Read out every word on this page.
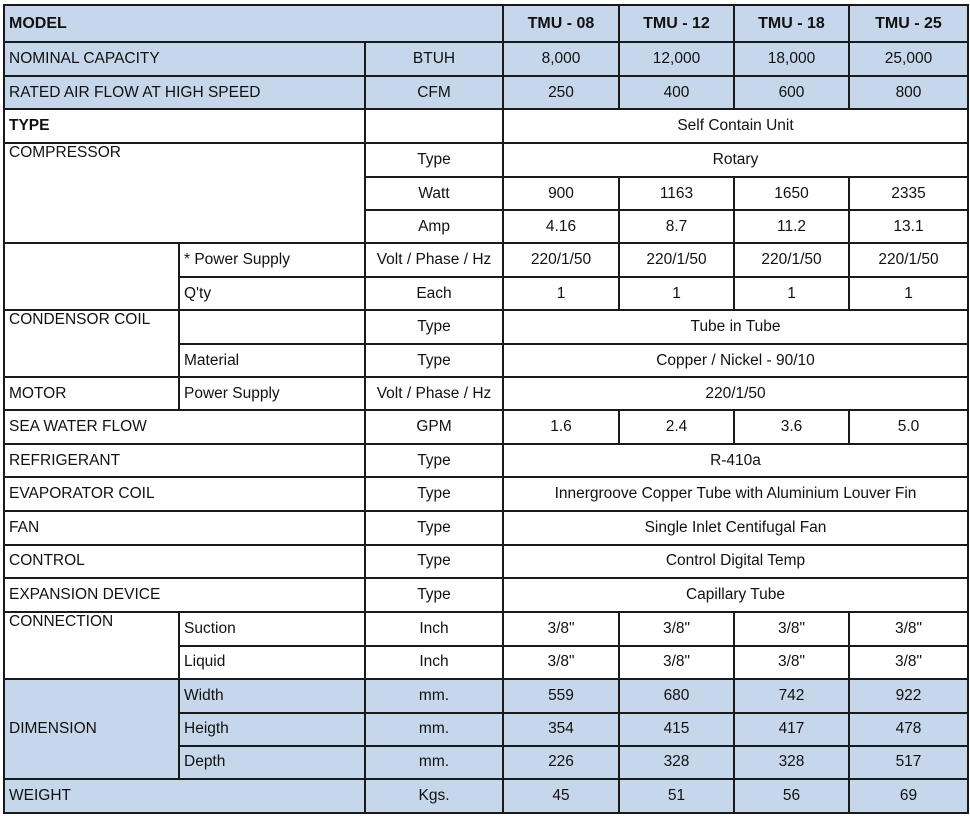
MODEL			TMU - 08	TMU - 12	TMU - 18	TMU - 25
NOMINAL CAPACITY		BTUH	8,000	12,000	18,000	25,000
RATED AIR FLOW AT HIGH SPEED		CFM	250	400	600	800
TYPE			Self Contain Unit			
COMPRESSOR		Type	Rotary			
		Watt	900	1163	1650	2335
		Amp	4.16	8.7	11.2	13.1
	* Power Supply	Volt / Phase / Hz	220/1/50	220/1/50	220/1/50	220/1/50
	Q'ty	Each	1	1	1	1
CONDENSOR COIL		Type	Tube in Tube			
	Material	Type	Copper / Nickel - 90/10			
MOTOR	Power Supply	Volt / Phase / Hz	220/1/50			
SEA WATER FLOW		GPM	1.6	2.4	3.6	5.0
REFRIGERANT		Type	R-410a			
EVAPORATOR COIL		Type	Innergroove Copper Tube with Aluminium Louver Fin			
FAN		Type	Single Inlet Centifugal Fan			
CONTROL		Type	Control Digital Temp			
EXPANSION DEVICE		Type	Capillary Tube			
CONNECTION	Suction	Inch	3/8"	3/8"	3/8"	3/8"
	Liquid	Inch	3/8"	3/8"	3/8"	3/8"
DIMENSION	Width	mm.	559	680	742	922
	Heigth	mm.	354	415	417	478
	Depth	mm.	226	328	328	517
WEIGHT		Kgs.	45	51	56	69
